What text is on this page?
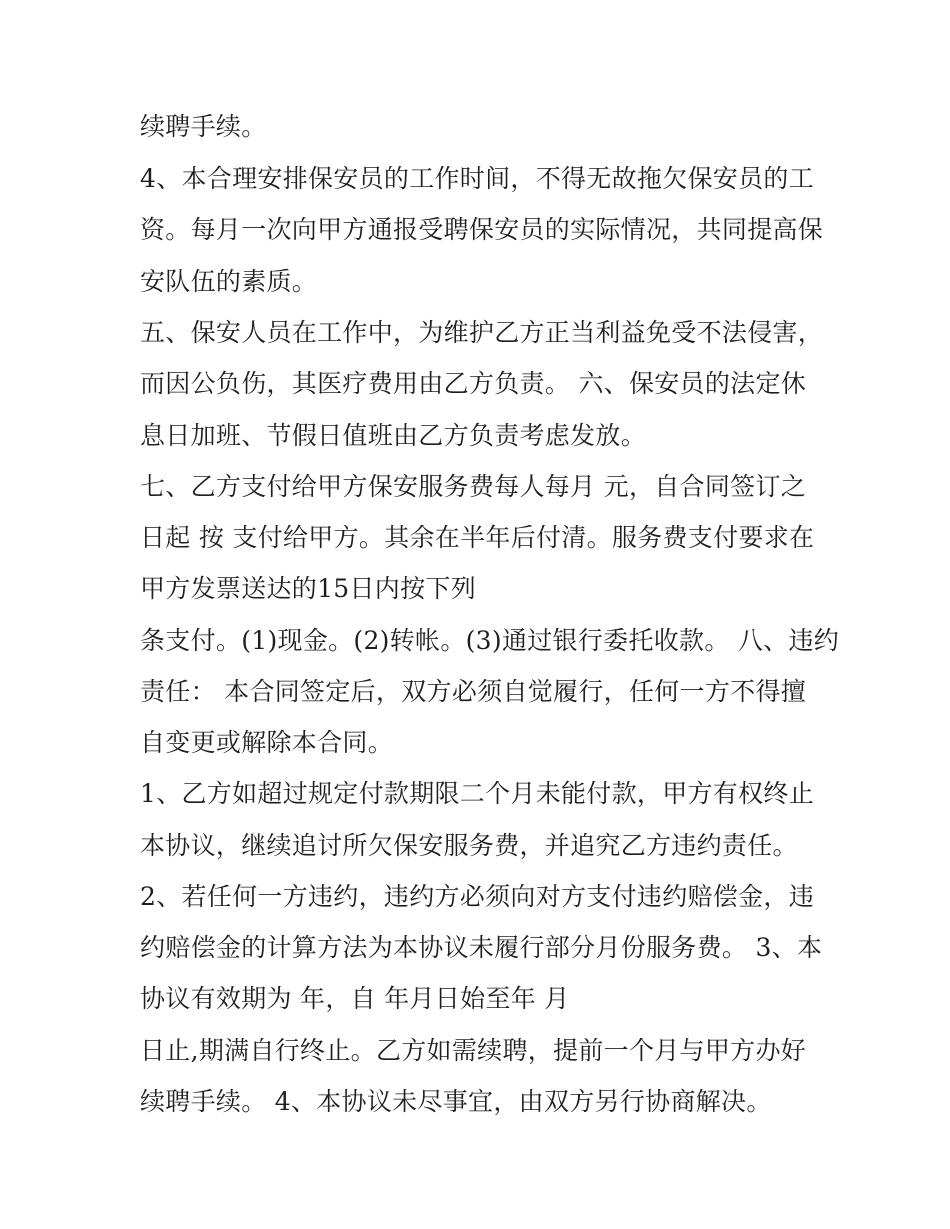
续聘手续。
4、本合理安排保安员的工作时间，不得无故拖欠保安员的工
资。每月一次向甲方通报受聘保安员的实际情况，共同提高保
安队伍的素质。
五、保安人员在工作中，为维护乙方正当利益免受不法侵害，
而因公负伤，其医疗费用由乙方负责。 六、保安员的法定休
息日加班、节假日值班由乙方负责考虑发放。
七、乙方支付给甲方保安服务费每人每月 元，自合同签订之
日起 按 支付给甲方。其余在半年后付清。服务费支付要求在
甲方发票送达的15日内按下列
条支付。(1)现金。(2)转帐。(3)通过银行委托收款。 八、违约
责任： 本合同签定后，双方必须自觉履行，任何一方不得擅
自变更或解除本合同。
1、乙方如超过规定付款期限二个月未能付款，甲方有权终止
本协议，继续追讨所欠保安服务费，并追究乙方违约责任。
2、若任何一方违约，违约方必须向对方支付违约赔偿金，违
约赔偿金的计算方法为本协议未履行部分月份服务费。 3、本
协议有效期为 年，自 年月日始至年 月
日止,期满自行终止。乙方如需续聘，提前一个月与甲方办好
续聘手续。 4、本协议未尽事宜，由双方另行协商解决。
